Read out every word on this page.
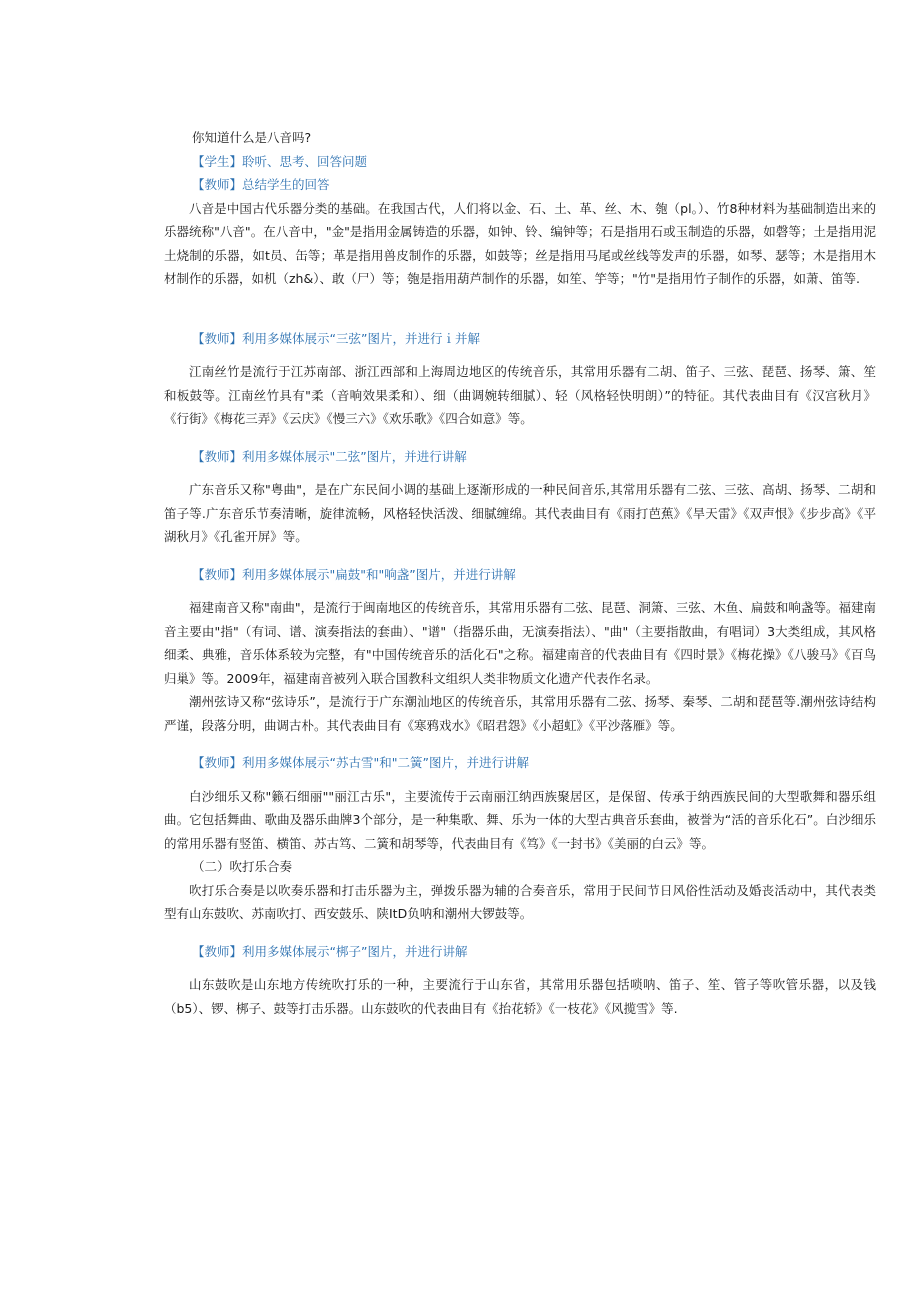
你知道什么是八音吗?

【学生】聆听、思考、回答问题

【教师】总结学生的回答

八音是中国古代乐器分类的基础。在我国古代，人们将以金、石、土、革、丝、木、匏（pl。）、竹8种材料为基础制造出来的乐器统称"八音"。在八音中，"金"是指用金属铸造的乐器，如钟、铃、编钟等；石是指用石或玉制造的乐器，如磬等；土是指用泥土烧制的乐器，如t员、缶等；革是指用兽皮制作的乐器，如鼓等；丝是指用马尾或丝线等发声的乐器，如琴、瑟等；木是指用木材制作的乐器，如机（zh&）、敢（尸）等；匏是指用葫芦制作的乐器，如笙、竽等；"竹"是指用竹子制作的乐器，如萧、笛等.

【教师】利用多媒体展示“三弦”图片，并进行ｉ并解

江南丝竹是流行于江苏南部、浙江西部和上海周边地区的传统音乐，其常用乐器有二胡、笛子、三弦、琵琶、扬琴、箫、笙和板鼓等。江南丝竹具有"柔（音响效果柔和）、细（曲调婉转细腻）、轻（风格轻快明朗）”的特征。其代表曲目有《汉宫秋月》《行街》《梅花三弄》《云庆》《慢三六》《欢乐歌》《四合如意》等。

【教师】利用多媒体展示"二弦”图片，并进行讲解

广东音乐又称"粤曲"，是在广东民间小调的基础上逐渐形成的一种民间音乐,其常用乐器有二弦、三弦、高胡、扬琴、二胡和笛子等.广东音乐节奏清晰，旋律流畅，风格轻快活泼、细腻缠绵。其代表曲目有《雨打芭蕉》《旱天雷》《双声恨》《步步高》《平湖秋月》《孔雀开屏》等。

【教师】利用多媒体展示"扁鼓"和"响盏”图片，并进行讲解

福建南音又称"南曲"，是流行于闽南地区的传统音乐，其常用乐器有二弦、昆琶、洞箫、三弦、木鱼、扁鼓和响盏等。福建南音主要由"指"（有词、谱、演奏指法的套曲）、"谱"（指器乐曲，无演奏指法）、"曲"（主要指散曲，有唱词）3大类组成，其风格细柔、典雅，音乐体系较为完整，有"中国传统音乐的活化石"之称。福建南音的代表曲目有《四时景》《梅花操》《八骏马》《百鸟归巢》等。2009年，福建南音被列入联合国教科文组织人类非物质文化遗产代表作名录。

潮州弦诗又称“弦诗乐”，是流行于广东潮汕地区的传统音乐，其常用乐器有二弦、扬琴、秦琴、二胡和琵琶等.潮州弦诗结构严谨，段落分明，曲调古朴。其代表曲目有《寒鸦戏水》《昭君怨》《小超虹》《平沙落雁》等。

【教师】利用多媒体展示“苏古雪"和"二簧”图片，并进行讲解

白沙细乐又称"籁石细丽""丽江古乐"，主要流传于云南丽江纳西族聚居区，是保留、传承于纳西族民间的大型歌舞和器乐组曲。它包括舞曲、歌曲及器乐曲牌3个部分，是一种集歌、舞、乐为一体的大型古典音乐套曲，被誉为“活的音乐化石”。白沙细乐的常用乐器有竖笛、横笛、苏古笃、二簧和胡琴等，代表曲目有《笃》《一封书》《美丽的白云》等。

（二）吹打乐合奏

吹打乐合奏是以吹奏乐器和打击乐器为主，弹拨乐器为辅的合奏音乐，常用于民间节日风俗性活动及婚丧活动中，其代表类型有山东鼓吹、苏南吹打、西安鼓乐、陕ItD负呐和潮州大锣鼓等。

【教师】利用多媒体展示“梆子”图片，并进行讲解

山东鼓吹是山东地方传统吹打乐的一种，主要流行于山东省，其常用乐器包括唢呐、笛子、笙、管子等吹管乐器，以及钱（b5）、锣、梆子、鼓等打击乐器。山东鼓吹的代表曲目有《抬花轿》《一枝花》《风揽雪》等.
